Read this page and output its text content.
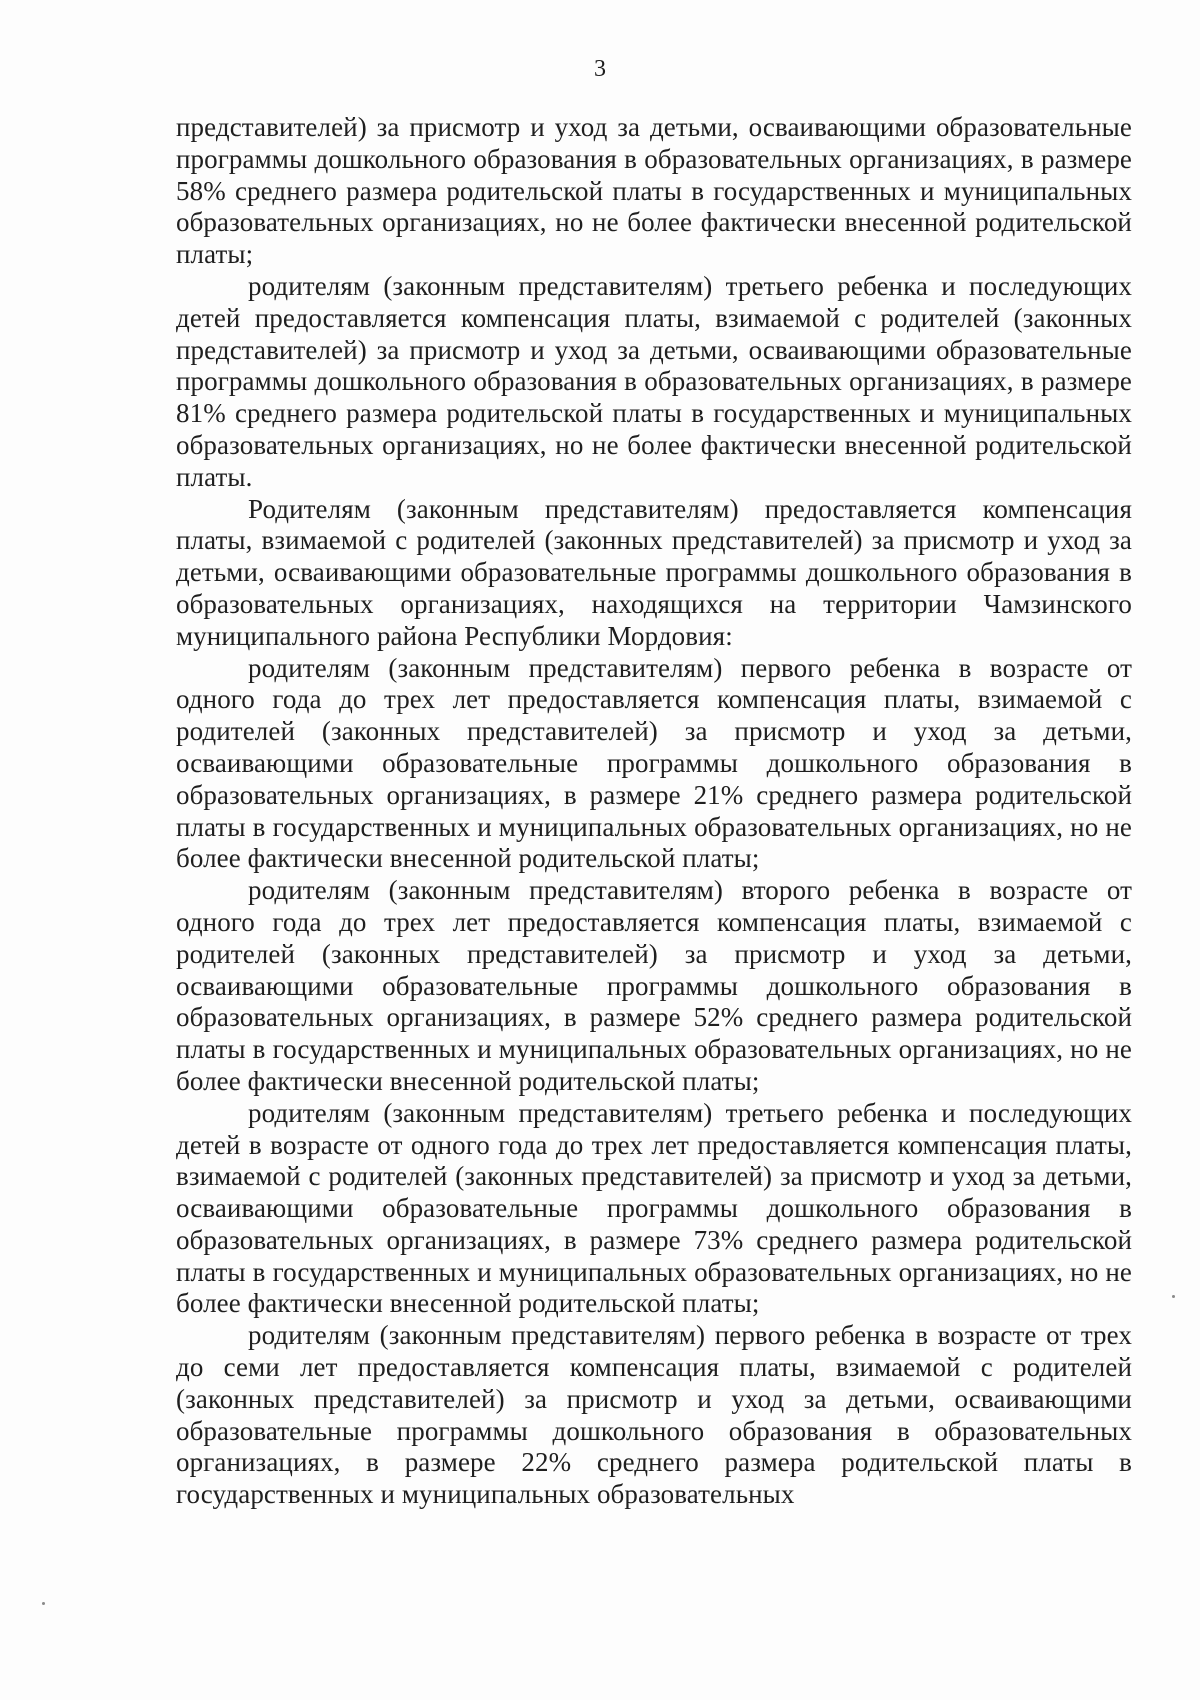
3

представителей) за присмотр и уход за детьми, осваивающими образовательные программы дошкольного образования в образовательных организациях, в размере 58% среднего размера родительской платы в государственных и муниципальных образовательных организациях, но не более фактически внесенной родительской платы;

родителям (законным представителям) третьего ребенка и последующих детей предоставляется компенсация платы, взимаемой с родителей (законных представителей) за присмотр и уход за детьми, осваивающими образовательные программы дошкольного образования в образовательных организациях, в размере 81% среднего размера родительской платы в государственных и муниципальных образовательных организациях, но не более фактически внесенной родительской платы.

Родителям (законным представителям) предоставляется компенсация платы, взимаемой с родителей (законных представителей) за присмотр и уход за детьми, осваивающими образовательные программы дошкольного образования в образовательных организациях, находящихся на территории Чамзинского муниципального района Республики Мордовия:

родителям (законным представителям) первого ребенка в возрасте от одного года до трех лет предоставляется компенсация платы, взимаемой с родителей (законных представителей) за присмотр и уход за детьми, осваивающими образовательные программы дошкольного образования в образовательных организациях, в размере 21% среднего размера родительской платы в государственных и муниципальных образовательных организациях, но не более фактически внесенной родительской платы;

родителям (законным представителям) второго ребенка в возрасте от одного года до трех лет предоставляется компенсация платы, взимаемой с родителей (законных представителей) за присмотр и уход за детьми, осваивающими образовательные программы дошкольного образования в образовательных организациях, в размере 52% среднего размера родительской платы в государственных и муниципальных образовательных организациях, но не более фактически внесенной родительской платы;

родителям (законным представителям) третьего ребенка и последующих детей в возрасте от одного года до трех лет предоставляется компенсация платы, взимаемой с родителей (законных представителей) за присмотр и уход за детьми, осваивающими образовательные программы дошкольного образования в образовательных организациях, в размере 73% среднего размера родительской платы в государственных и муниципальных образовательных организациях, но не более фактически внесенной родительской платы;

родителям (законным представителям) первого ребенка в возрасте от трех до семи лет предоставляется компенсация платы, взимаемой с родителей (законных представителей) за присмотр и уход за детьми, осваивающими образовательные программы дошкольного образования в образовательных организациях, в размере 22% среднего размера родительской платы в государственных и муниципальных образовательных
